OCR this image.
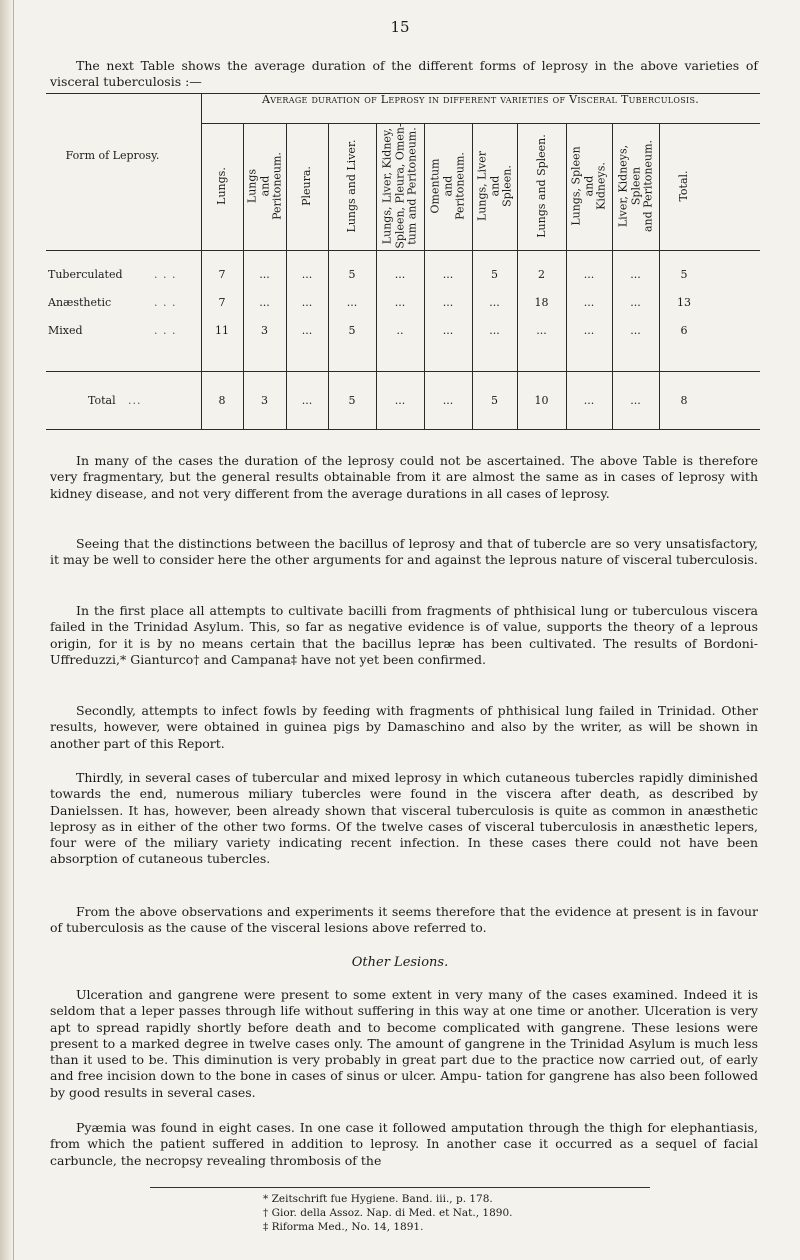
15

The next Table shows the average duration of the different forms of leprosy in the above varieties of visceral tuberculosis :—

Average duration of Leprosy in different varieties of Visceral Tuberculosis.
Form of Leprosy.
Lungs. Lungs and Peritoneum. Pleura.	Lungs and Liver. Lungs, Liver, Kidney, Spleen, Pleura, Omen- tum and Peritoneum. Omentum and Peritoneum. Lungs, Liver and Spleen. Lungs and Spleen. Lungs, Spleen and Kidneys. Liver, Kidneys, Spleen and Peritoneum. Total.
Tuberculated	. . .	7	...	...	5	...	...	5	2	...	...	5
Anæsthetic	. . .	7	...	...	...	...	...	...	18	...	...	13
Mixed	. . .	11	3	...	5	..	...	...	...	...	...	6
Total ...	8	3	...	5	...	...	5	10	...	...	8

In many of the cases the duration of the leprosy could not be ascertained. The above Table is therefore very fragmentary, but the general results obtainable from it are almost the same as in cases of leprosy with kidney disease, and not very different from the average durations in all cases of leprosy.

Seeing that the distinctions between the bacillus of leprosy and that of tubercle are so very unsatisfactory, it may be well to consider here the other arguments for and against the leprous nature of visceral tuberculosis.

In the first place all attempts to cultivate bacilli from fragments of phthisical lung or tuberculous viscera failed in the Trinidad Asylum. This, so far as negative evidence is of value, supports the theory of a leprous origin, for it is by no means certain that the bacillus lepræ has been cultivated. The results of Bordoni-Uffreduzzi,* Gianturco† and Campana‡ have not yet been confirmed.

Secondly, attempts to infect fowls by feeding with fragments of phthisical lung failed in Trinidad. Other results, however, were obtained in guinea pigs by Damaschino and also by the writer, as will be shown in another part of this Report.

Thirdly, in several cases of tubercular and mixed leprosy in which cutaneous tubercles rapidly diminished towards the end, numerous miliary tubercles were found in the viscera after death, as described by Danielssen. It has, however, been already shown that visceral tuberculosis is quite as common in anæsthetic leprosy as in either of the other two forms. Of the twelve cases of visceral tuberculosis in anæsthetic lepers, four were of the miliary variety indicating recent infection. In these cases there could not have been absorption of cutaneous tubercles.

From the above observations and experiments it seems therefore that the evidence at present is in favour of tuberculosis as the cause of the visceral lesions above referred to.

Other Lesions.

Ulceration and gangrene were present to some extent in very many of the cases examined. Indeed it is seldom that a leper passes through life without suffering in this way at one time or another. Ulceration is very apt to spread rapidly shortly before death and to become complicated with gangrene. These lesions were present to a marked degree in twelve cases only. The amount of gangrene in the Trinidad Asylum is much less than it used to be. This diminution is very probably in great part due to the practice now carried out, of early and free incision down to the bone in cases of sinus or ulcer. Ampu- tation for gangrene has also been followed by good results in several cases.

Pyæmia was found in eight cases. In one case it followed amputation through the thigh for elephantiasis, from which the patient suffered in addition to leprosy. In another case it occurred as a sequel of facial carbuncle, the necropsy revealing thrombosis of the

* Zeitschrift fue Hygiene. Band. iii., p. 178.
† Gior. della Assoz. Nap. di Med. et Nat., 1890.
‡ Riforma Med., No. 14, 1891.
